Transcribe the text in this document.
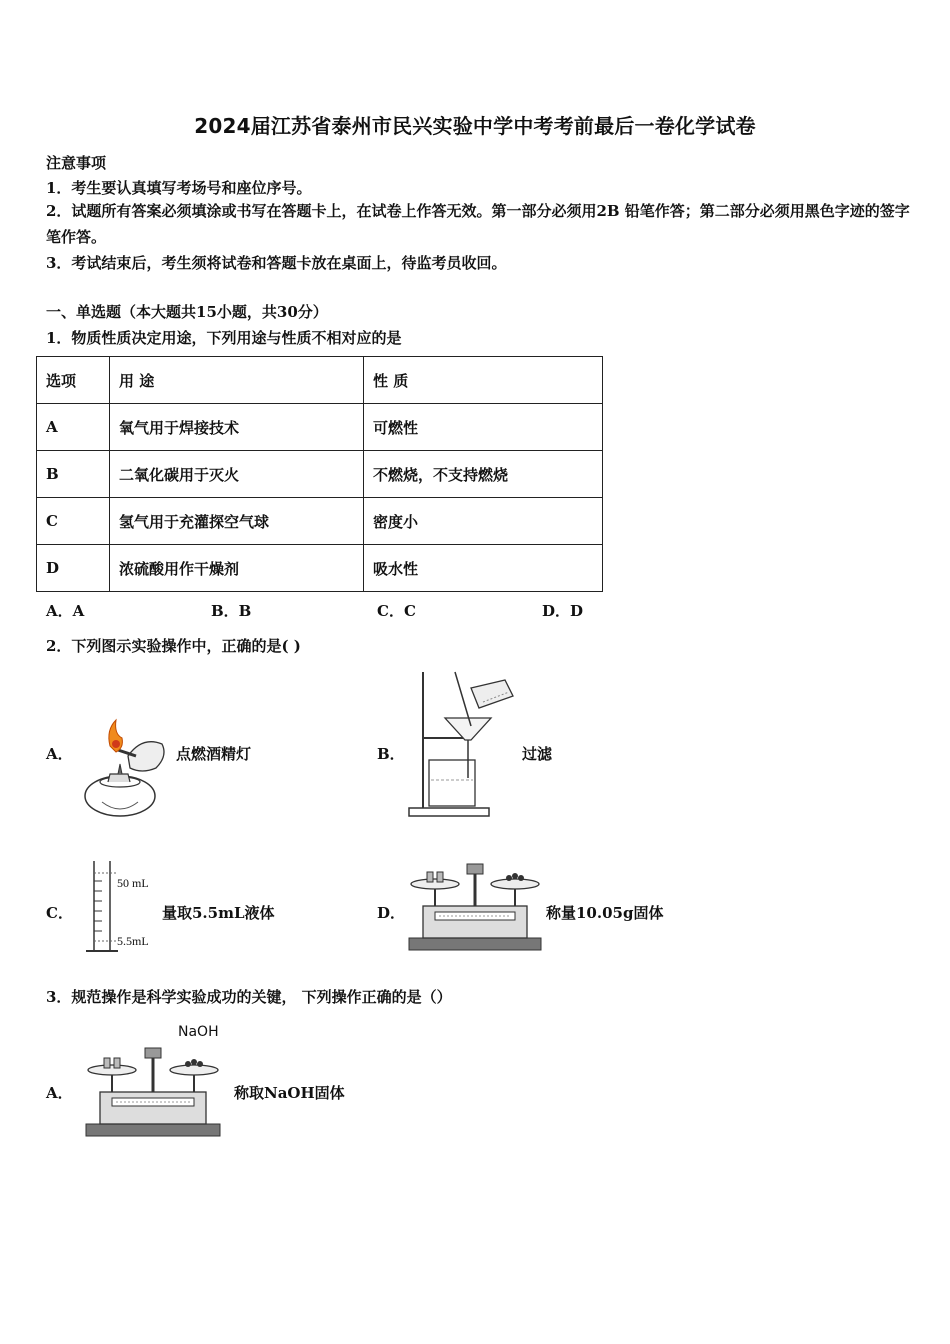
2024届江苏省泰州市民兴实验中学中考考前最后一卷化学试卷
注意事项
1．考生要认真填写考场号和座位序号。
2．试题所有答案必须填涂或书写在答题卡上，在试卷上作答无效。第一部分必须用2B 铅笔作答；第二部分必须用黑色字迹的签字笔作答。
3．考试结束后，考生须将试卷和答题卡放在桌面上，待监考员收回。
一、单选题（本大题共15小题，共30分）
1．物质性质决定用途，下列用途与性质不相对应的是
选项	用 途	性 质
A	氧气用于焊接技术	可燃性
B	二氧化碳用于灭火	不燃烧，不支持燃烧
C	氢气用于充灌探空气球	密度小
D	浓硫酸用作干燥剂	吸水性
A．A	B．B	C．C	D．D
2．下列图示实验操作中，正确的是( )
A．	点燃酒精灯	B．	过滤
C．
50 mL
5.5mL
量取5.5mL液体	D．	称量10.05g固体
3．规范操作是科学实验成功的关键， 下列操作正确的是（）
A．
NaOH
称取NaOH固体
